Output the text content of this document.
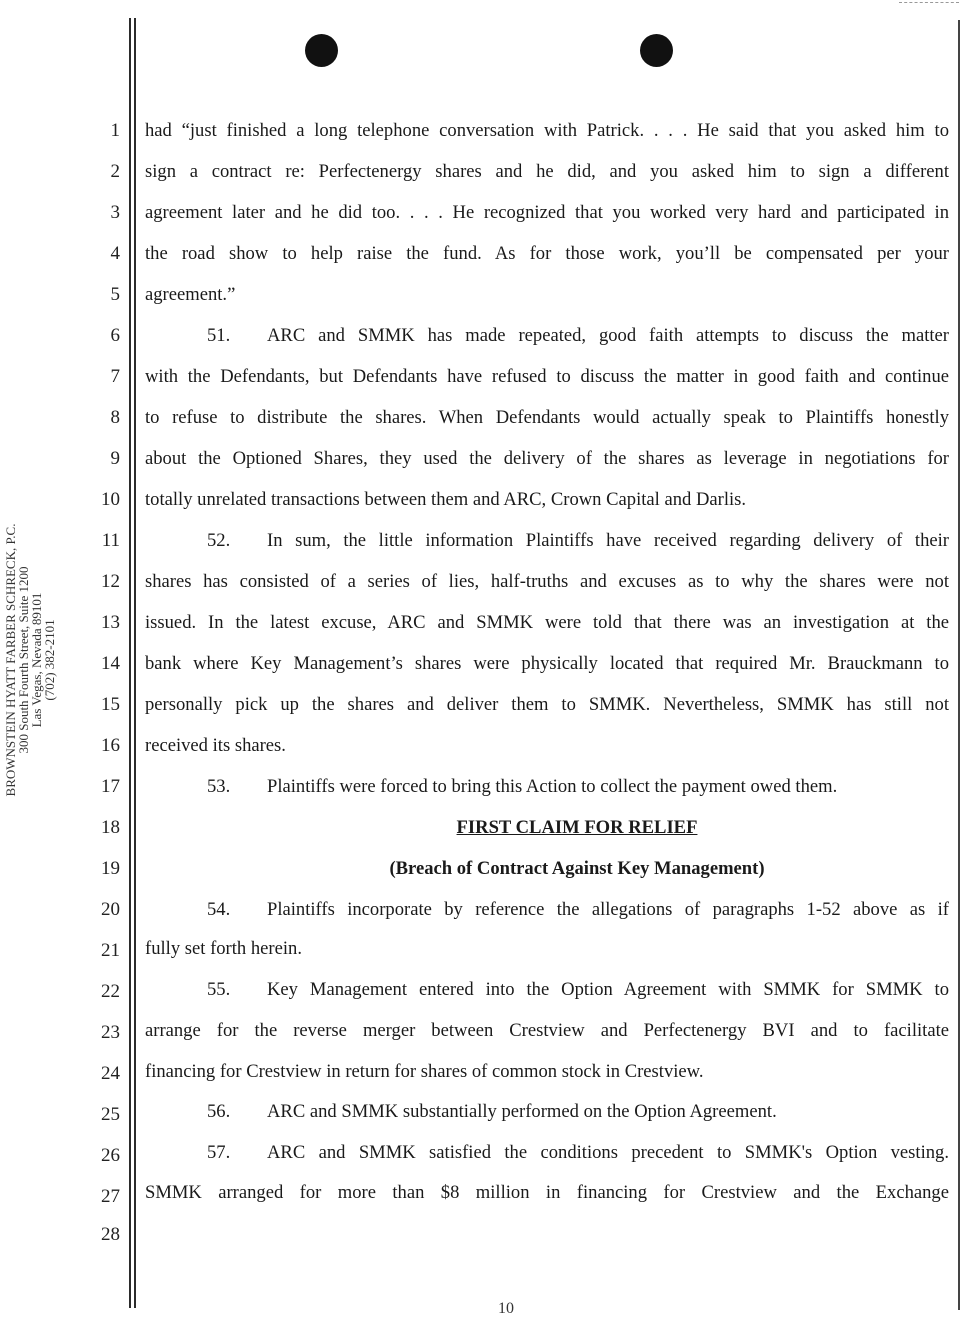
BROWNSTEIN HYATT FARBER SCHRECK, P.C.
300 South Fourth Street, Suite 1200
Las Vegas, Nevada 89101
(702) 382-2101
1
2
3
4
5
6
7
8
9
10
11
12
13
14
15
16
17
18
19
20
21
22
23
24
25
26
27
28
had “just finished a long telephone conversation with Patrick. . . . He said that you asked him to
sign a contract re: Perfectenergy shares and he did, and you asked him to sign a different
agreement later and he did too. . . . He recognized that you worked very hard and participated in
the road show to help raise the fund. As for those work, you’ll be compensated per your
agreement.”
51. ARC and SMMK has made repeated, good faith attempts to discuss the matter
with the Defendants, but Defendants have refused to discuss the matter in good faith and continue
to refuse to distribute the shares. When Defendants would actually speak to Plaintiffs honestly
about the Optioned Shares, they used the delivery of the shares as leverage in negotiations for
totally unrelated transactions between them and ARC, Crown Capital and Darlis.
52. In sum, the little information Plaintiffs have received regarding delivery of their
shares has consisted of a series of lies, half-truths and excuses as to why the shares were not
issued. In the latest excuse, ARC and SMMK were told that there was an investigation at the
bank where Key Management’s shares were physically located that required Mr. Brauckmann to
personally pick up the shares and deliver them to SMMK. Nevertheless, SMMK has still not
received its shares.
53. Plaintiffs were forced to bring this Action to collect the payment owed them.
FIRST CLAIM FOR RELIEF
(Breach of Contract Against Key Management)
54. Plaintiffs incorporate by reference the allegations of paragraphs 1-52 above as if
fully set forth herein.
55. Key Management entered into the Option Agreement with SMMK for SMMK to
arrange for the reverse merger between Crestview and Perfectenergy BVI and to facilitate
financing for Crestview in return for shares of common stock in Crestview.
56. ARC and SMMK substantially performed on the Option Agreement.
57. ARC and SMMK satisfied the conditions precedent to SMMK's Option vesting.
SMMK arranged for more than $8 million in financing for Crestview and the Exchange
10
